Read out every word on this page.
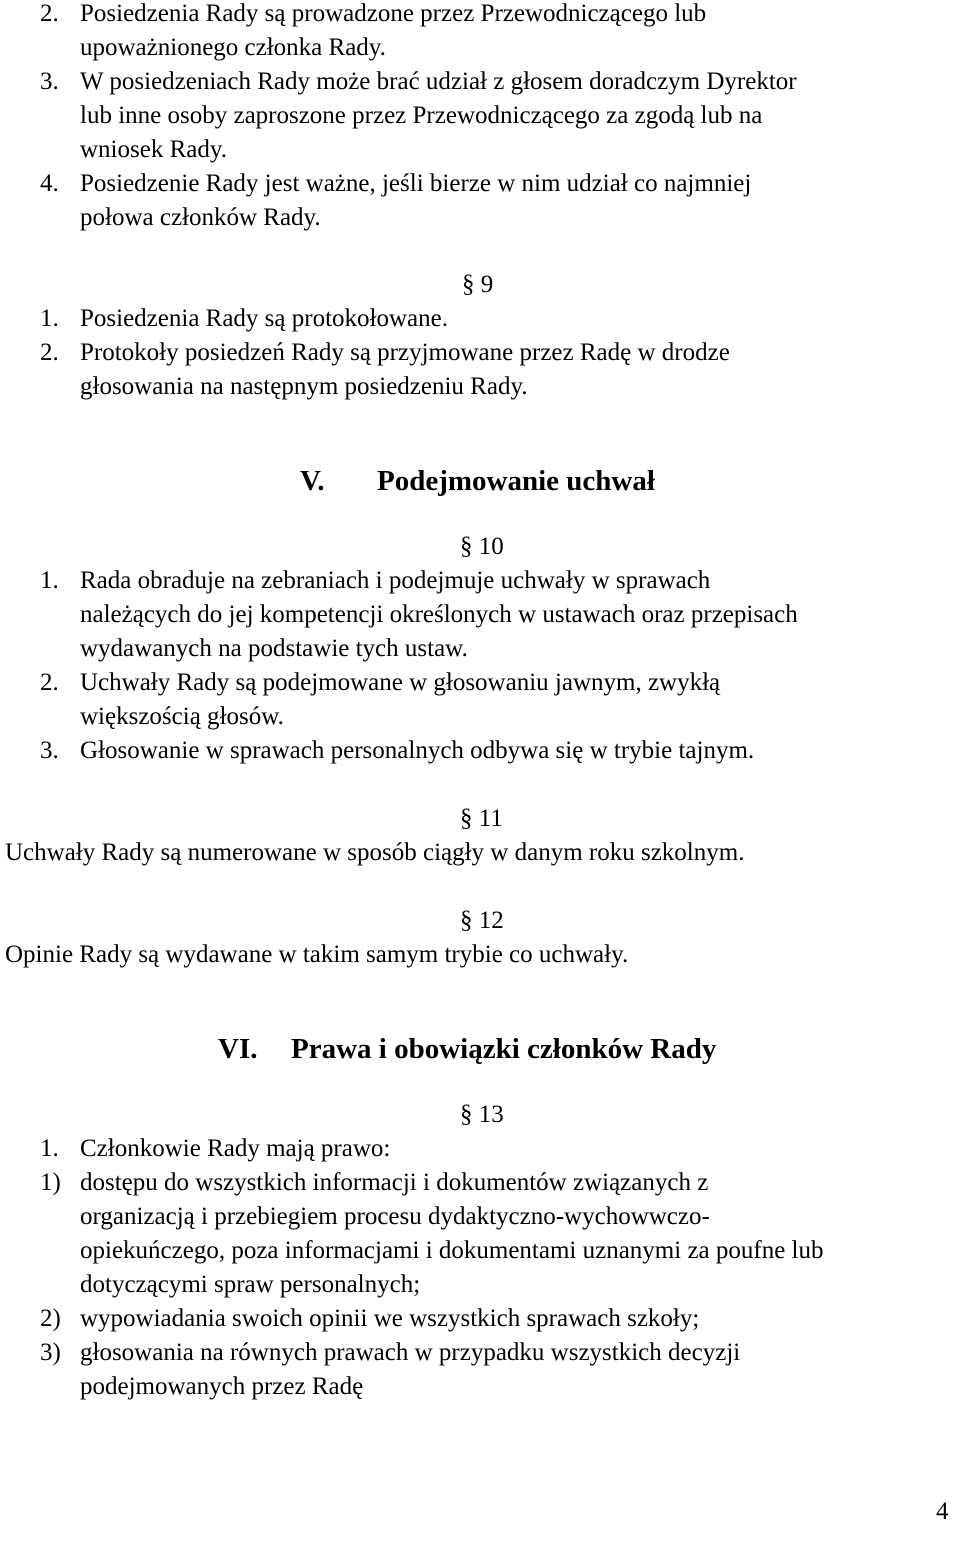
2. Posiedzenia Rady są prowadzone przez Przewodniczącego lub
upoważnionego członka Rady.
3. W posiedzeniach Rady może brać udział z głosem doradczym Dyrektor
lub inne osoby zaproszone przez Przewodniczącego za zgodą lub na
wniosek Rady.
4. Posiedzenie Rady jest ważne, jeśli bierze w nim udział co najmniej
połowa członków Rady.
§ 9
1. Posiedzenia Rady są protokołowane.
2. Protokoły posiedzeń Rady są przyjmowane przez Radę w drodze
głosowania na następnym posiedzeniu Rady.
V. Podejmowanie uchwał
§ 10
1. Rada obraduje na zebraniach i podejmuje uchwały w sprawach
należących do jej kompetencji określonych w ustawach oraz przepisach
wydawanych na podstawie tych ustaw.
2. Uchwały Rady są podejmowane w głosowaniu jawnym, zwykłą
większością głosów.
3. Głosowanie w sprawach personalnych odbywa się w trybie tajnym.
§ 11
Uchwały Rady są numerowane w sposób ciągły w danym roku szkolnym.
§ 12
Opinie Rady są wydawane w takim samym trybie co uchwały.
VI. Prawa i obowiązki członków Rady
§ 13
1. Członkowie Rady mają prawo:
1) dostępu do wszystkich informacji i dokumentów związanych z
organizacją i przebiegiem procesu dydaktyczno-wychowwczo-
opiekuńczego, poza informacjami i dokumentami uznanymi za poufne lub
dotyczącymi spraw personalnych;
2) wypowiadania swoich opinii we wszystkich sprawach szkoły;
3) głosowania na równych prawach w przypadku wszystkich decyzji
podejmowanych przez Radę
4
